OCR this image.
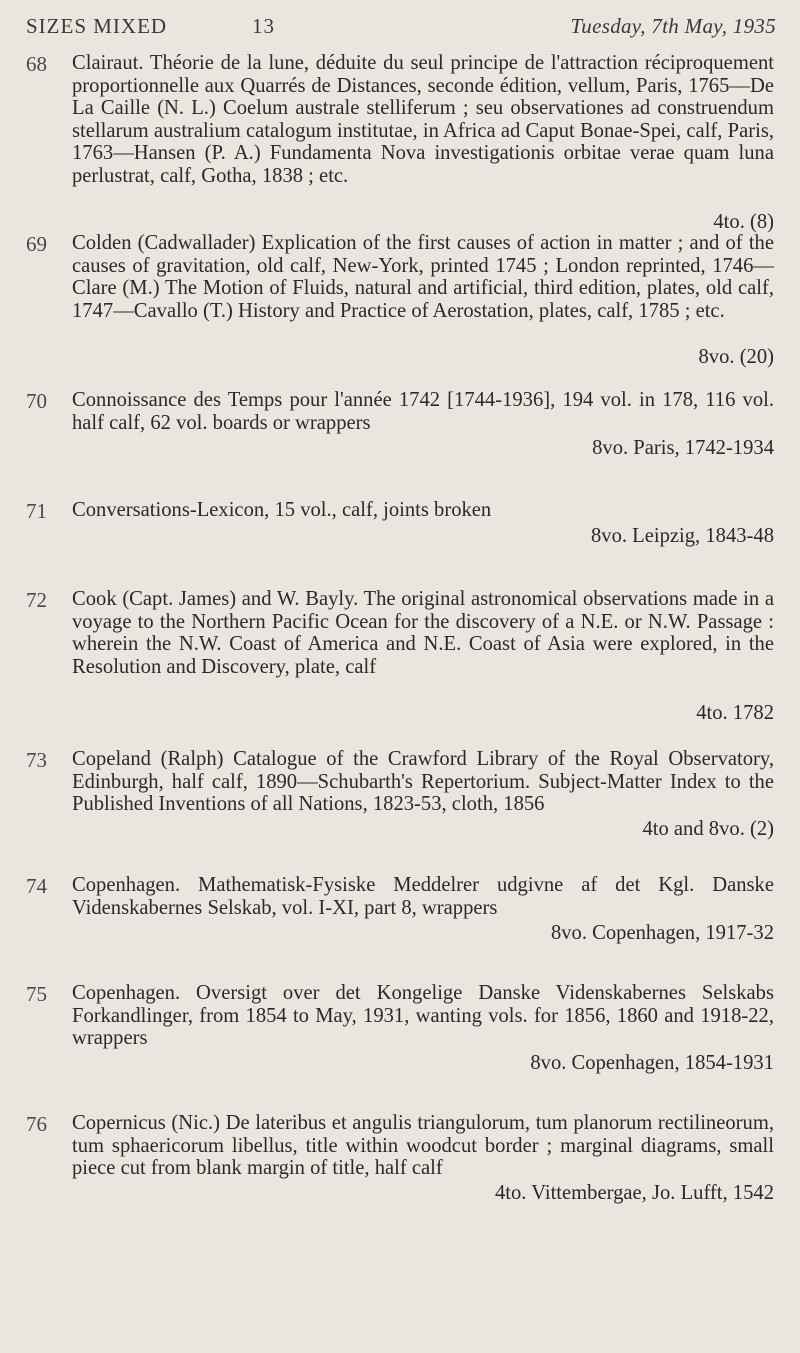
SIZES MIXED	13	Tuesday, 7th May, 1935
68 Clairaut. Théorie de la lune, déduite du seul principe de l'attraction réciproquement proportionnelle aux Quarrés de Distances, seconde édition, vellum, Paris, 1765—De La Caille (N. L.) Coelum australe stelliferum ; seu observationes ad construendum stellarum australium catalogum institutae, in Africa ad Caput Bonae-Spei, calf, Paris, 1763—Hansen (P. A.) Fundamenta Nova investigationis orbitae verae quam luna perlustrat, calf, Gotha, 1838 ; etc.
4to. (8)
69 Colden (Cadwallader) Explication of the first causes of action in matter ; and of the causes of gravitation, old calf, New-York, printed 1745 ; London reprinted, 1746—Clare (M.) The Motion of Fluids, natural and artificial, third edition, plates, old calf, 1747—Cavallo (T.) History and Practice of Aerostation, plates, calf, 1785 ; etc.
8vo. (20)
70 Connoissance des Temps pour l'année 1742 [1744-1936], 194 vol. in 178, 116 vol. half calf, 62 vol. boards or wrappers
8vo. Paris, 1742-1934
71 Conversations-Lexicon, 15 vol., calf, joints broken
8vo. Leipzig, 1843-48
72 Cook (Capt. James) and W. Bayly. The original astronomical observations made in a voyage to the Northern Pacific Ocean for the discovery of a N.E. or N.W. Passage : wherein the N.W. Coast of America and N.E. Coast of Asia were explored, in the Resolution and Discovery, plate, calf
4to. 1782
73 Copeland (Ralph) Catalogue of the Crawford Library of the Royal Observatory, Edinburgh, half calf, 1890—Schubarth's Repertorium. Subject-Matter Index to the Published Inventions of all Nations, 1823-53, cloth, 1856
4to and 8vo. (2)
74 Copenhagen. Mathematisk-Fysiske Meddelrer udgivne af det Kgl. Danske Videnskabernes Selskab, vol. I-XI, part 8, wrappers
8vo. Copenhagen, 1917-32
75 Copenhagen. Oversigt over det Kongelige Danske Videnskabernes Selskabs Forkandlinger, from 1854 to May, 1931, wanting vols. for 1856, 1860 and 1918-22, wrappers
8vo. Copenhagen, 1854-1931
76 Copernicus (Nic.) De lateribus et angulis triangulorum, tum planorum rectilineorum, tum sphaericorum libellus, title within woodcut border ; marginal diagrams, small piece cut from blank margin of title, half calf
4to. Vittembergae, Jo. Lufft, 1542
